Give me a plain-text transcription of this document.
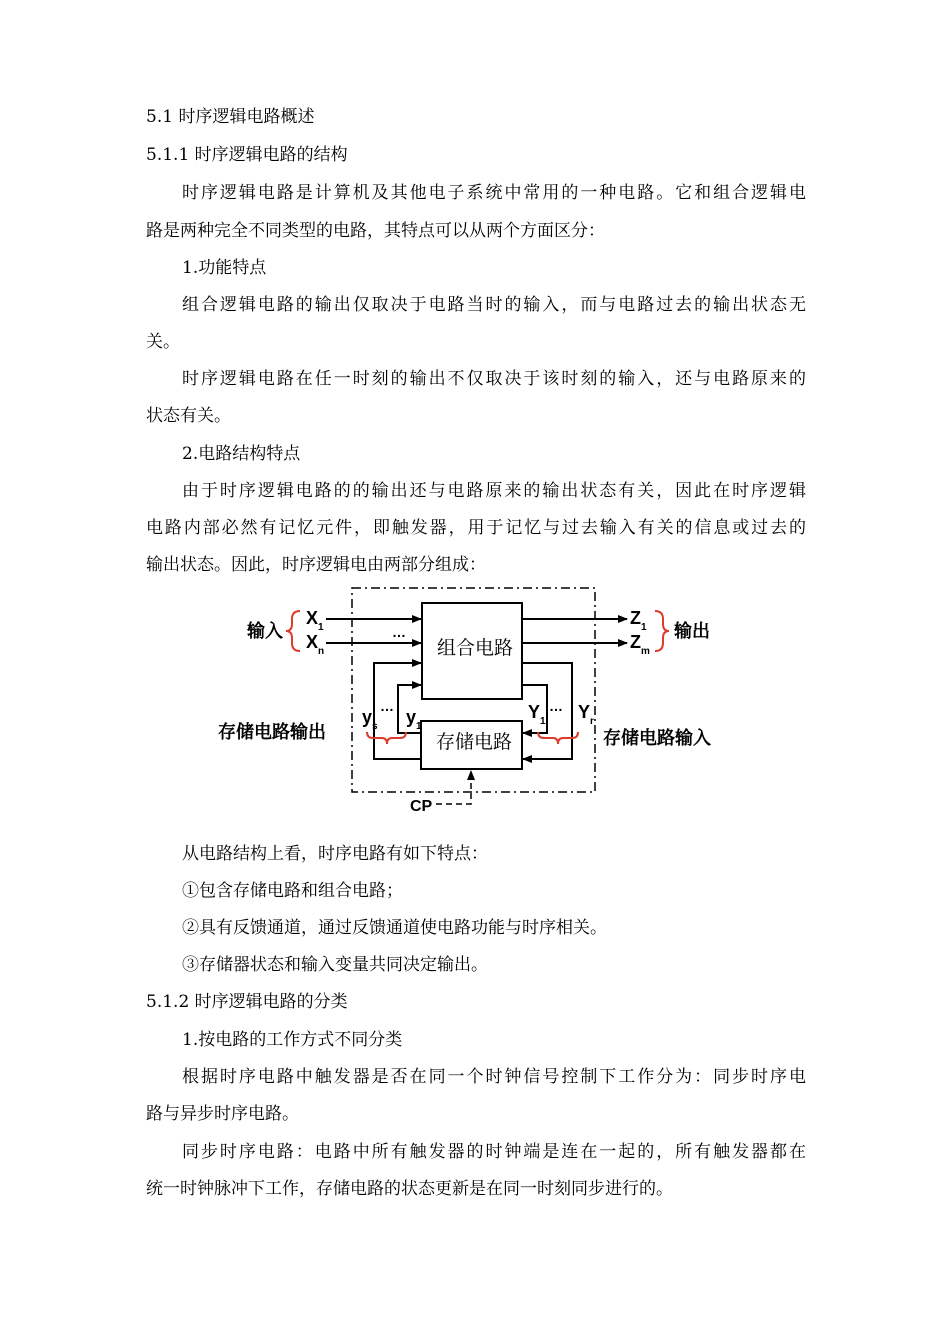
5.1 时序逻辑电路概述
5.1.1 时序逻辑电路的结构
时序逻辑电路是计算机及其他电子系统中常用的一种电路。它和组合逻辑电
路是两种完全不同类型的电路，其特点可以从两个方面区分：
1.功能特点
组合逻辑电路的输出仅取决于电路当时的输入，而与电路过去的输出状态无
关。
时序逻辑电路在任一时刻的输出不仅取决于该时刻的输入，还与电路原来的
状态有关。
2.电路结构特点
由于时序逻辑电路的的输出还与电路原来的输出状态有关，因此在时序逻辑
电路内部必然有记忆元件，即触发器，用于记忆与过去输入有关的信息或过去的
输出状态。因此，时序逻辑电由两部分组成：
组合电路
存储电路
…
输入	输出
$X_1$
$X_n$
$Z_1$
$Z_m$
$y_s$
…
$y_1$
$Y_1$
… $Y_r$
存储电路输出	存储电路输入
CP
从电路结构上看，时序电路有如下特点：
①包含存储电路和组合电路；
②具有反馈通道，通过反馈通道使电路功能与时序相关。
③存储器状态和输入变量共同决定输出。
5.1.2 时序逻辑电路的分类
1.按电路的工作方式不同分类
根据时序电路中触发器是否在同一个时钟信号控制下工作分为：同步时序电
路与异步时序电路。
同步时序电路：电路中所有触发器的时钟端是连在一起的，所有触发器都在
统一时钟脉冲下工作，存储电路的状态更新是在同一时刻同步进行的。
